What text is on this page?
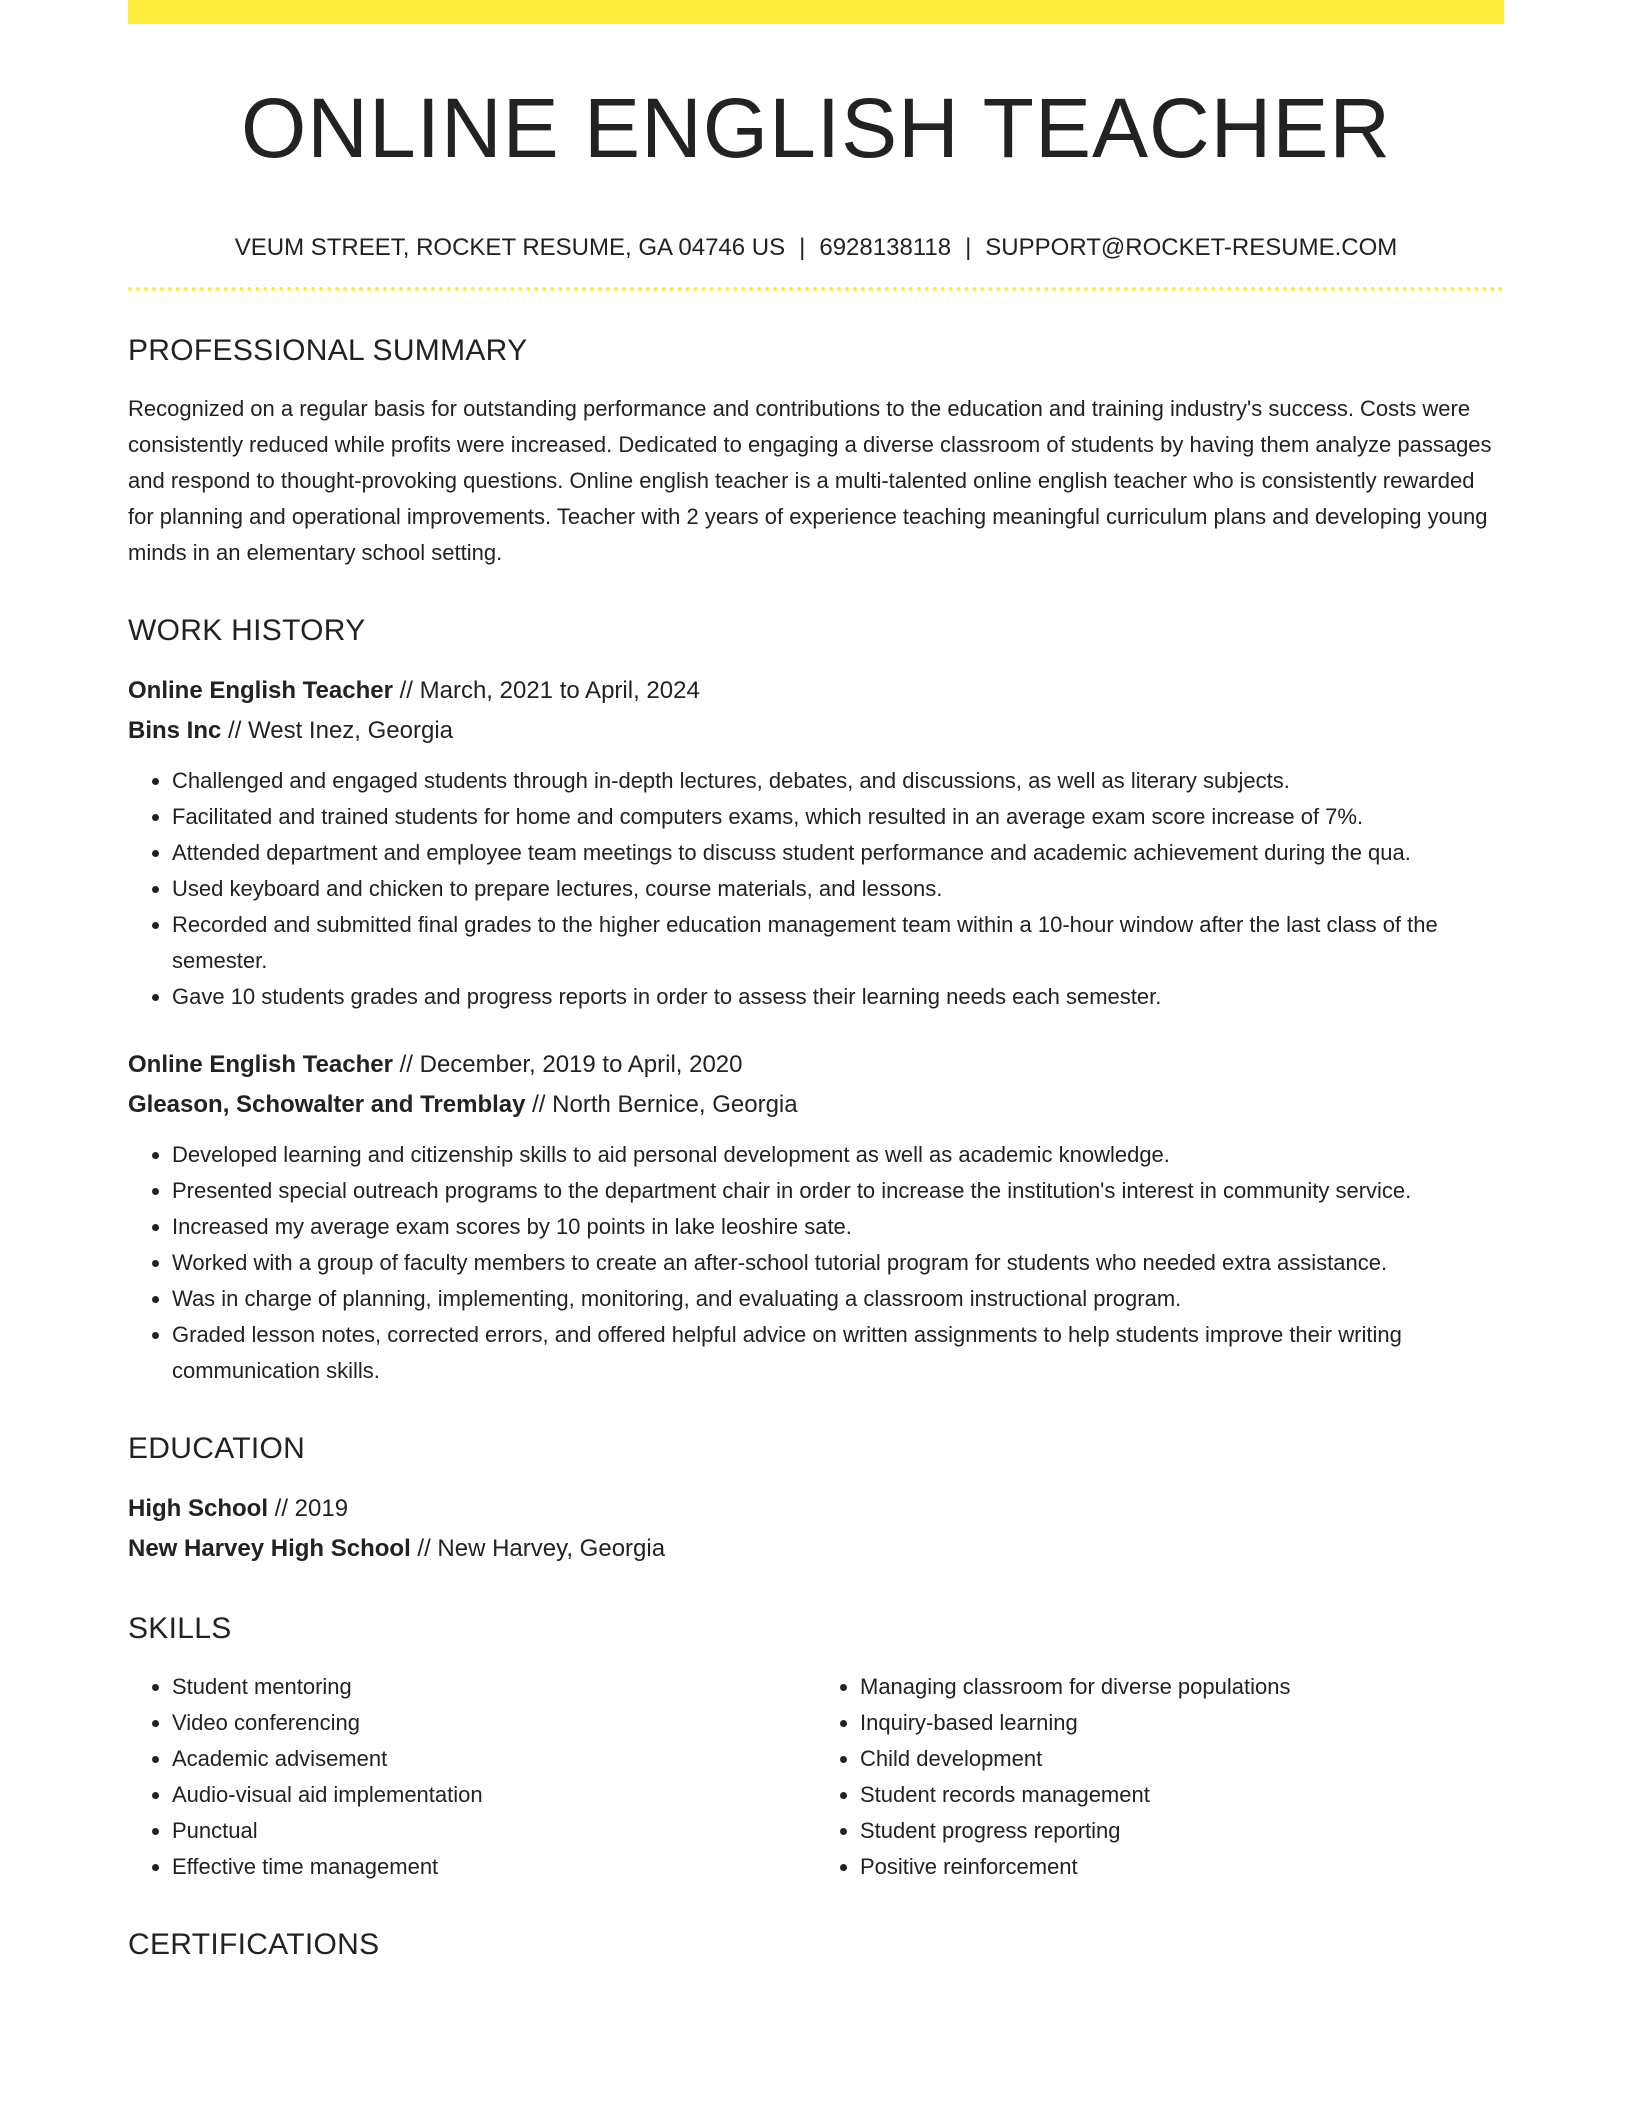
ONLINE ENGLISH TEACHER
VEUM STREET, ROCKET RESUME, GA 04746 US | 6928138118 | SUPPORT@ROCKET-RESUME.COM
PROFESSIONAL SUMMARY

Recognized on a regular basis for outstanding performance and contributions to the education and training industry's success. Costs were consistently reduced while profits were increased. Dedicated to engaging a diverse classroom of students by having them analyze passages and respond to thought-provoking questions. Online english teacher is a multi-talented online english teacher who is consistently rewarded for planning and operational improvements. Teacher with 2 years of experience teaching meaningful curriculum plans and developing young minds in an elementary school setting.

WORK HISTORY
Online English Teacher // March, 2021 to April, 2024
Bins Inc // West Inez, Georgia
• Challenged and engaged students through in-depth lectures, debates, and discussions, as well as literary subjects.
• Facilitated and trained students for home and computers exams, which resulted in an average exam score increase of 7%.
• Attended department and employee team meetings to discuss student performance and academic achievement during the qua.
• Used keyboard and chicken to prepare lectures, course materials, and lessons.
• Recorded and submitted final grades to the higher education management team within a 10-hour window after the last class of the semester.
• Gave 10 students grades and progress reports in order to assess their learning needs each semester.
Online English Teacher // December, 2019 to April, 2020
Gleason, Schowalter and Tremblay // North Bernice, Georgia
• Developed learning and citizenship skills to aid personal development as well as academic knowledge.
• Presented special outreach programs to the department chair in order to increase the institution's interest in community service.
• Increased my average exam scores by 10 points in lake leoshire sate.
• Worked with a group of faculty members to create an after-school tutorial program for students who needed extra assistance.
• Was in charge of planning, implementing, monitoring, and evaluating a classroom instructional program.
• Graded lesson notes, corrected errors, and offered helpful advice on written assignments to help students improve their writing communication skills.
EDUCATION
High School // 2019
New Harvey High School // New Harvey, Georgia
SKILLS
• Student mentoring
• Video conferencing
• Academic advisement
• Audio-visual aid implementation
• Punctual
• Effective time management
• Managing classroom for diverse populations
• Inquiry-based learning
• Child development
• Student records management
• Student progress reporting
• Positive reinforcement
CERTIFICATIONS
